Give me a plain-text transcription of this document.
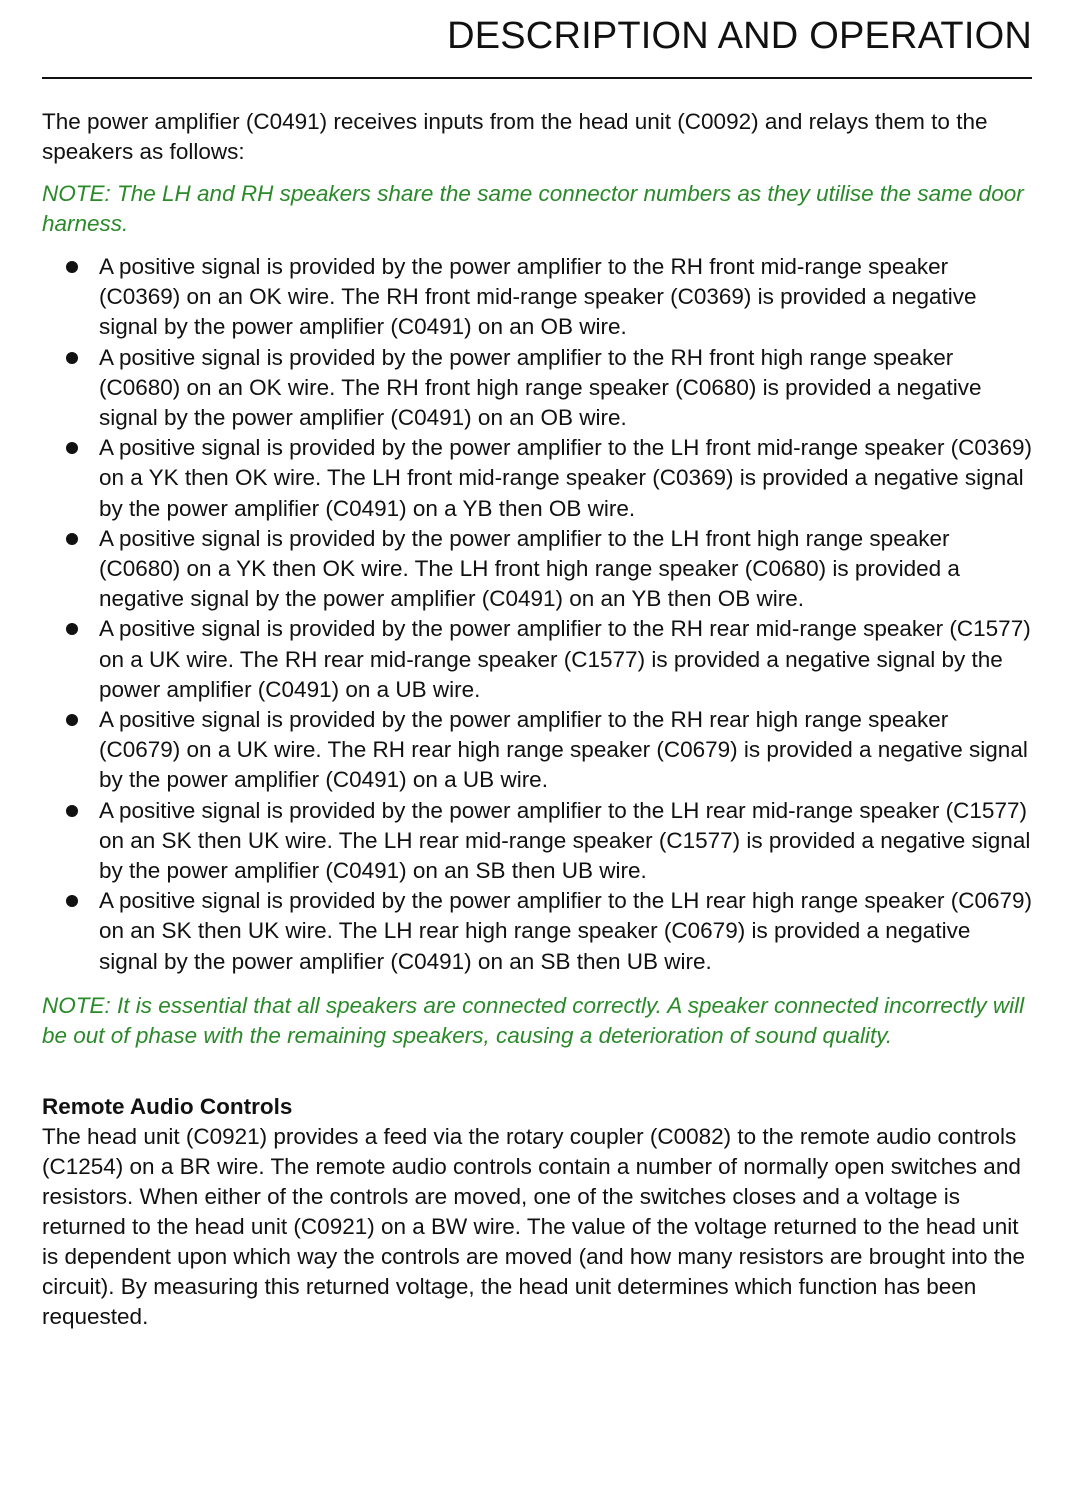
DESCRIPTION AND OPERATION
The power amplifier (C0491) receives inputs from the head unit (C0092) and relays them to the speakers as follows:
NOTE: The LH and RH speakers share the same connector numbers as they utilise the same door harness.
A positive signal is provided by the power amplifier to the RH front mid-range speaker (C0369) on an OK wire. The RH front mid-range speaker (C0369) is provided a negative signal by the power amplifier (C0491) on an OB wire.
A positive signal is provided by the power amplifier to the RH front high range speaker (C0680) on an OK wire. The RH front high range speaker (C0680) is provided a negative signal by the power amplifier (C0491) on an OB wire.
A positive signal is provided by the power amplifier to the LH front mid-range speaker (C0369) on a YK then OK wire. The LH front mid-range speaker (C0369) is provided a negative signal by the power amplifier (C0491) on a YB then OB wire.
A positive signal is provided by the power amplifier to the LH front high range speaker (C0680) on a YK then OK wire. The LH front high range speaker (C0680) is provided a negative signal by the power amplifier (C0491) on an YB then OB wire.
A positive signal is provided by the power amplifier to the RH rear mid-range speaker (C1577) on a UK wire. The RH rear mid-range speaker (C1577) is provided a negative signal by the power amplifier (C0491) on a UB wire.
A positive signal is provided by the power amplifier to the RH rear high range speaker (C0679) on a UK wire. The RH rear high range speaker (C0679) is provided a negative signal by the power amplifier (C0491) on a UB wire.
A positive signal is provided by the power amplifier to the LH rear mid-range speaker (C1577) on an SK then UK wire. The LH rear mid-range speaker (C1577) is provided a negative signal by the power amplifier (C0491) on an SB then UB wire.
A positive signal is provided by the power amplifier to the LH rear high range speaker (C0679) on an SK then UK wire. The LH rear high range speaker (C0679) is provided a negative signal by the power amplifier (C0491) on an SB then UB wire.
NOTE: It is essential that all speakers are connected correctly. A speaker connected incorrectly will be out of phase with the remaining speakers, causing a deterioration of sound quality.
Remote Audio Controls
The head unit (C0921) provides a feed via the rotary coupler (C0082) to the remote audio controls (C1254) on a BR wire. The remote audio controls contain a number of normally open switches and resistors. When either of the controls are moved, one of the switches closes and a voltage is returned to the head unit (C0921) on a BW wire. The value of the voltage returned to the head unit is dependent upon which way the controls are moved (and how many resistors are brought into the circuit). By measuring this returned voltage, the head unit determines which function has been requested.
